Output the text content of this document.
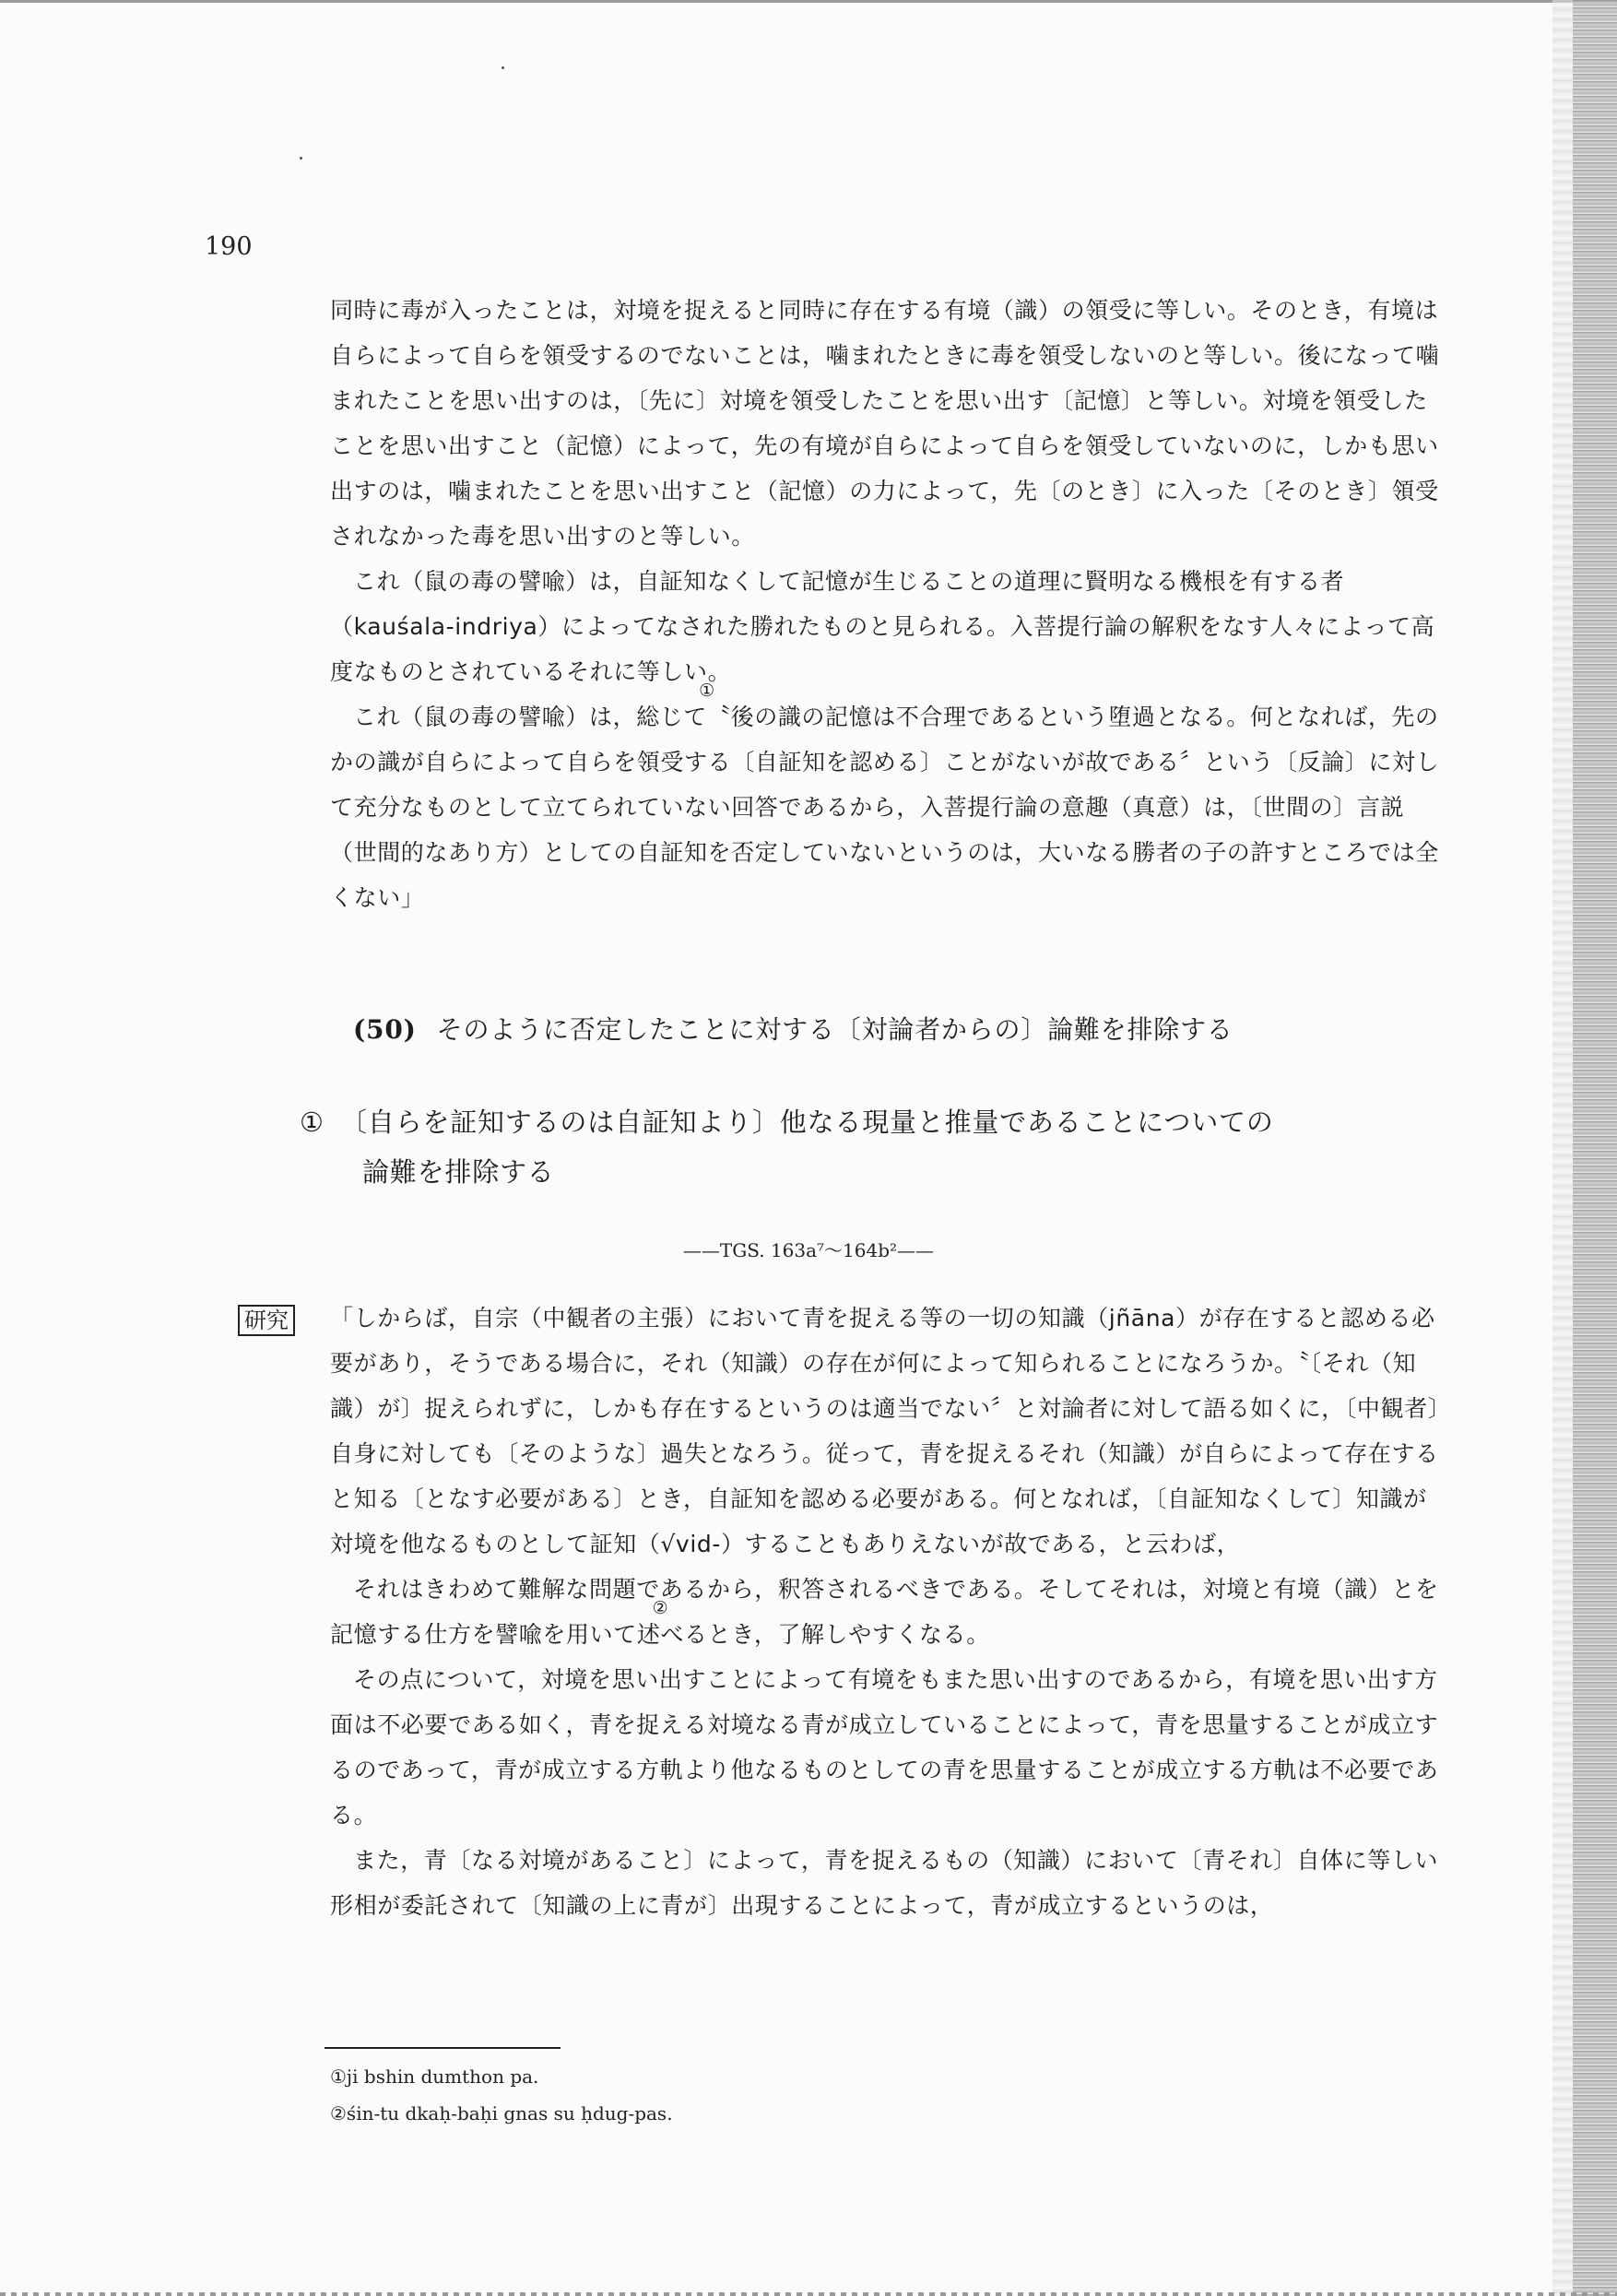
190

同時に毒が入ったことは，対境を捉えると同時に存在する有境（識）の領受に等しい。そのとき，有境は自らによって自らを領受するのでないことは，噛まれたときに毒を領受しないのと等しい。後になって噛まれたことを思い出すのは，〔先に〕対境を領受したことを思い出す〔記憶〕と等しい。対境を領受したことを思い出すこと（記憶）によって，先の有境が自らによって自らを領受していないのに，しかも思い出すのは，噛まれたことを思い出すこと（記憶）の力によって，先〔のとき〕に入った〔そのとき〕領受されなかった毒を思い出すのと等しい。

これ（鼠の毒の譬喩）は，自証知なくして記憶が生じることの道理に賢明なる機根を有する者（kauśala-indriya）によってなされた勝れたものと見られる。入菩提行論の解釈をなす人々によって高度なものとされているそれに等しい。

これ（鼠の毒の譬喩）は，総じて
①
〝後の識の記憶は不合理であるという堕過となる。何となれば，先のかの識が自らによって自らを領受する〔自証知を認める〕ことがないが故である〞という〔反論〕に対して充分なものとして立てられていない回答であるから，入菩提行論の意趣（真意）は，〔世間の〕言説（世間的なあり方）としての自証知を否定していないというのは，大いなる勝者の子の許すところでは全くない」

(50) そのように否定したことに対する〔対論者からの〕論難を排除する
① 〔自らを証知するのは自証知より〕他なる現量と推量であることについての
論難を排除する
——TGS. 163a⁷～164b²——
研究 「しからば，自宗（中観者の主張）において青を捉える等の一切の知識（jñāna）が存在すると認める必要があり，そうである場合に，それ（知識）の存在が何によって知られることになろうか。〝〔それ（知識）が〕捉えられずに，しかも存在するというのは適当でない〞と対論者に対して語る如くに，〔中観者〕自身に対しても〔そのような〕過失となろう。従って，青を捉えるそれ（知識）が自らによって存在すると知る〔となす必要がある〕とき，自証知を認める必要がある。何となれば，〔自証知なくして〕知識が対境を他なるものとして証知（√vid-）することもありえないが故である，と云わば，

それはきわめて難解な問題であるから，釈答されるべきである。そしてそれは，対境と有境（識）とを記憶する仕方を譬喩を用いて述
②
べるとき，了解しやすくなる。

その点について，対境を思い出すことによって有境をもまた思い出すのであるから，有境を思い出す方面は不必要である如く，青を捉える対境なる青が成立していることによって，青を思量することが成立するのであって，青が成立する方軌より他なるものとしての青を思量することが成立する方軌は不必要である。

また，青〔なる対境があること〕によって，青を捉えるもの（知識）において〔青それ〕自体に等しい形相が委託されて〔知識の上に青が〕出現することによって，青が成立するというのは，

①ji bshin dumthon pa.
②śin-tu dkaḥ-baḥi gnas su ḥdug-pas.
